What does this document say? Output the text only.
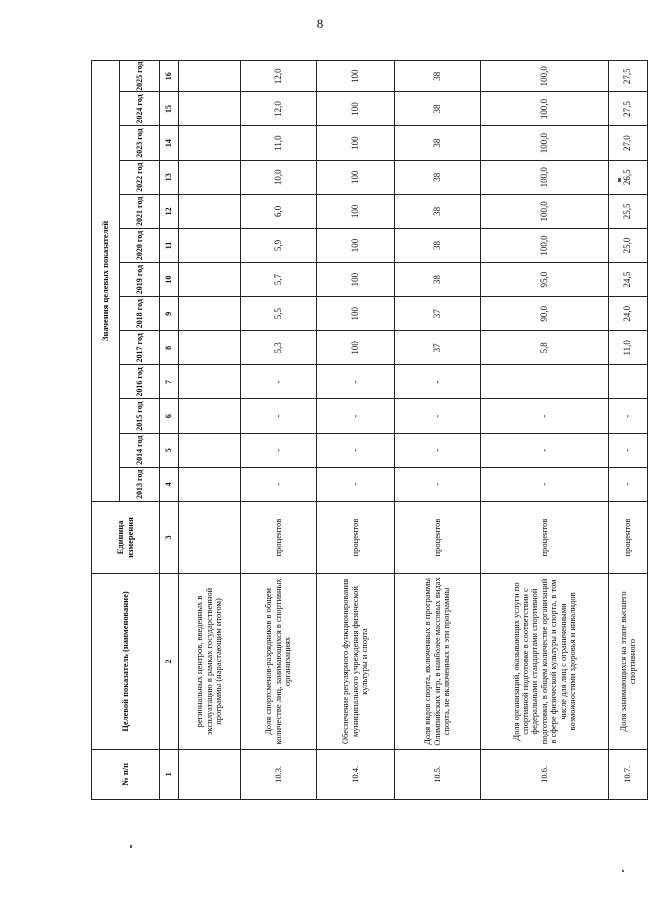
8
№ п/п	Целевой показатель (наименование)	Единица измерения	Значения целевых показателей												
			2013 год	2014 год	2015 год	2016 год	2017 год	2018 год	2019 год	2020 год	2021 год	2022 год	2023 год	2024 год	2025 год
1	2	3	4	5	6	7	8	9	10	11	12	13	14	15	16
	региональных центров, введенных в эксплуатацию в рамках государственной программы (нарастающим итогом)														
10.3.	Доля спортсменов-разрядников в общем количестве лиц, занимающихся в спортивных организациях	процентов	-	-	-	-	5,3	5,5	5,7	5,9	6,0	10,0	11,0	12,0	12,0
10.4.	Обеспечение регулярного функционирования муниципального учреждения физической культуры и спорта	процентов	-	-	-	-	100	100	100	100	100	100	100	100	100
10.5.	Доля видов спорта, включенных в программы Олимпийских игр, в наиболее массовых видах спорта, не включенных в эти программы	процентов	-	-	-	-	37	37	38	38	38	38	38	38	38
10.6.	Доля организаций, оказывающих услуги по спортивной подготовке в соответствии с федеральными стандартами спортивной подготовки, в общем количестве организаций в сфере физической культуры и спорта, в том числе для лиц с ограниченными возможностями здоровья и инвалидов	процентов	-	-	-		5,8	90,0	95,0	100,0	100,0	100,0	100,0	100,0	100,0
10.7.	Доля занимающихся на этапе высшего спортивного	процентов	-	-	-		11,0	24,0	24,5	25,0	25,5	26,5	27,0	27,5	27,5
